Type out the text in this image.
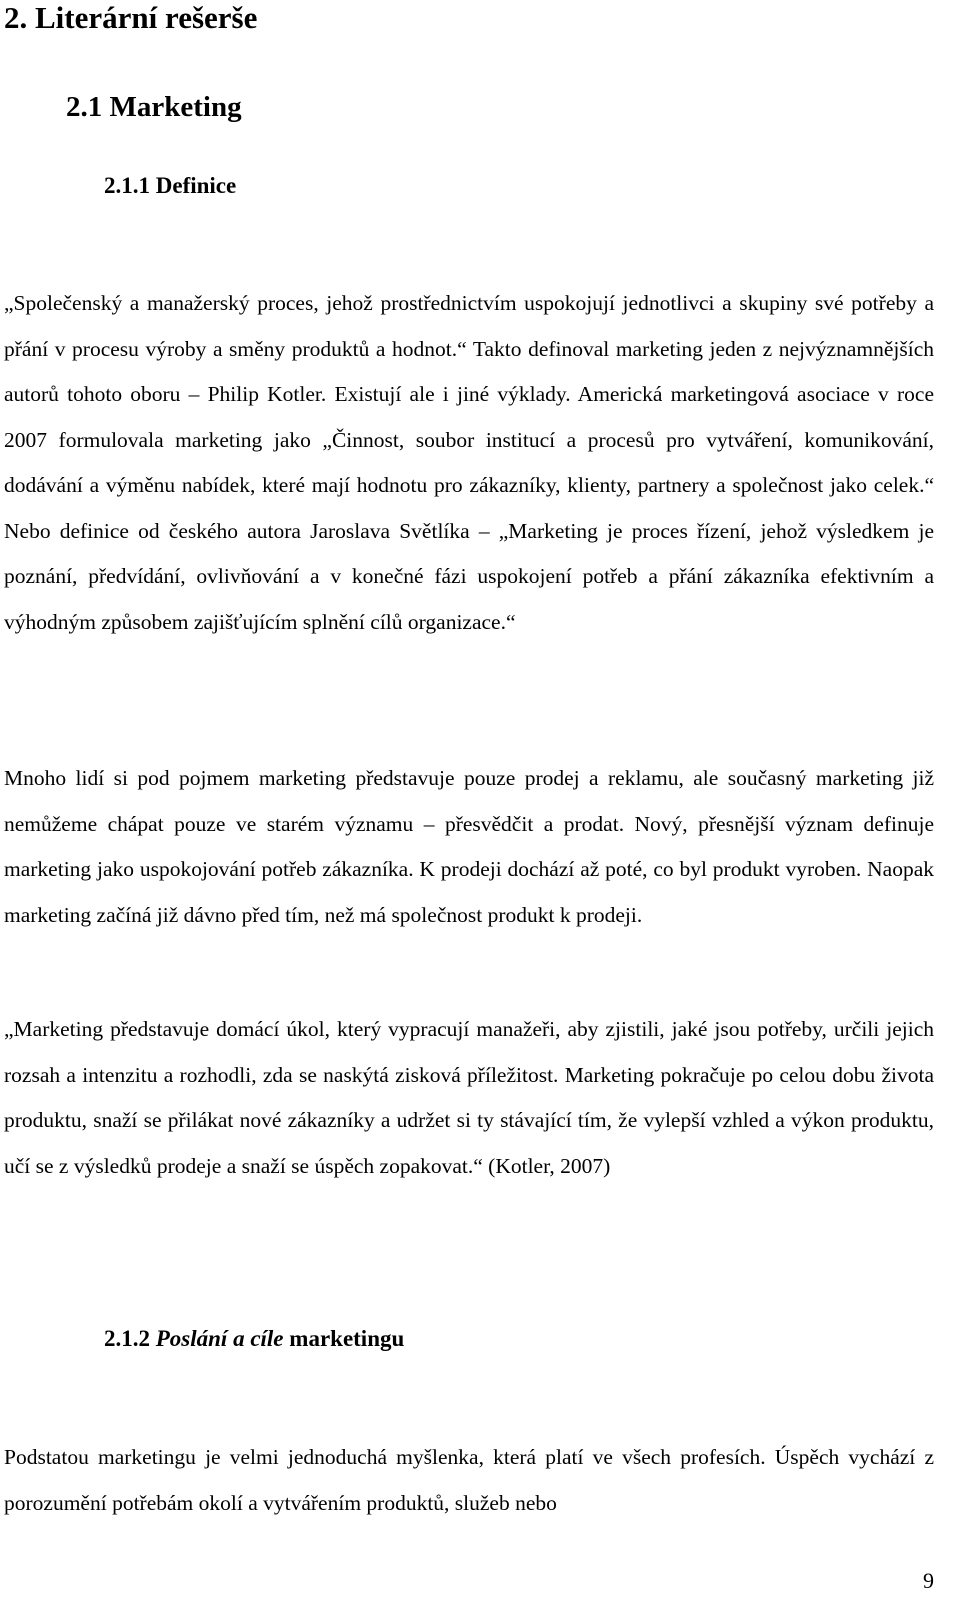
2. Literární rešerše
2.1 Marketing
2.1.1 Definice

„Společenský a manažerský proces, jehož prostřednictvím uspokojují jednotlivci a skupiny své potřeby a přání v procesu výroby a směny produktů a hodnot.“ Takto definoval marketing jeden z nejvýznamnějších autorů tohoto oboru – Philip Kotler. Existují ale i jiné výklady. Americká marketingová asociace v roce 2007 formulovala marketing jako „Činnost, soubor institucí a procesů pro vytváření, komunikování, dodávání a výměnu nabídek, které mají hodnotu pro zákazníky, klienty, partnery a společnost jako celek.“ Nebo definice od českého autora Jaroslava Světlíka – „Marketing je proces řízení, jehož výsledkem je poznání, předvídání, ovlivňování a v konečné fázi uspokojení potřeb a přání zákazníka efektivním a výhodným způsobem zajišťujícím splnění cílů organizace.“

Mnoho lidí si pod pojmem marketing představuje pouze prodej a reklamu, ale současný marketing již nemůžeme chápat pouze ve starém významu – přesvědčit a prodat. Nový, přesnější význam definuje marketing jako uspokojování potřeb zákazníka. K prodeji dochází až poté, co byl produkt vyroben. Naopak marketing začíná již dávno před tím, než má společnost produkt k prodeji.

„Marketing představuje domácí úkol, který vypracují manažeři, aby zjistili, jaké jsou potřeby, určili jejich rozsah a intenzitu a rozhodli, zda se naskýtá zisková příležitost. Marketing pokračuje po celou dobu života produktu, snaží se přilákat nové zákazníky a udržet si ty stávající tím, že vylepší vzhled a výkon produktu, učí se z výsledků prodeje a snaží se úspěch zopakovat.“ (Kotler, 2007)

2.1.2 Poslání a cíle marketingu

Podstatou marketingu je velmi jednoduchá myšlenka, která platí ve všech profesích. Úspěch vychází z porozumění potřebám okolí a vytvářením produktů, služeb nebo

9
